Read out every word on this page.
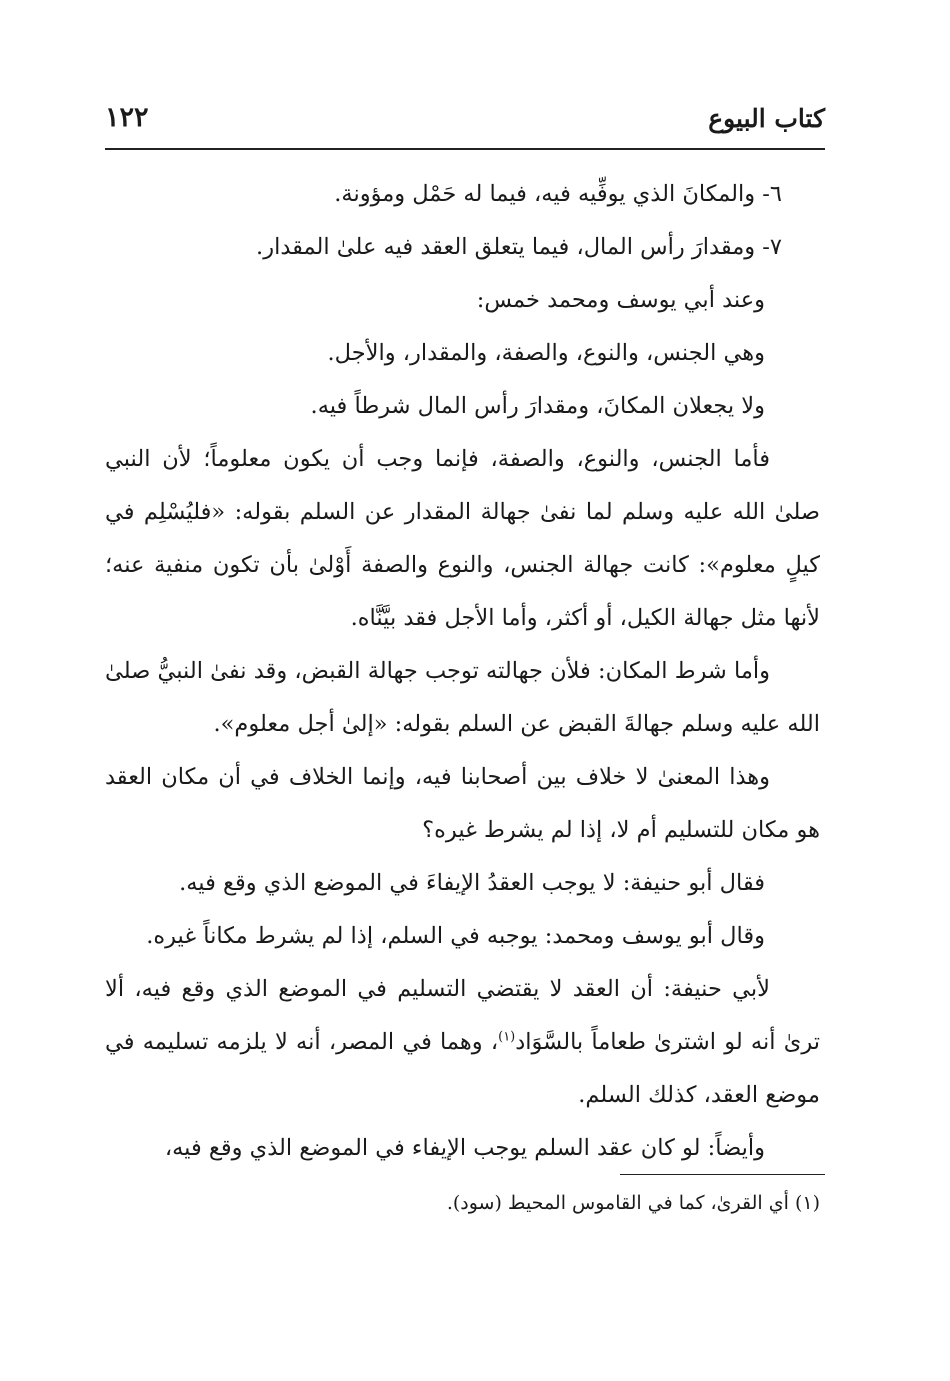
كتاب البيوع
١٢٢
٦- والمكانَ الذي يوفِّيه فيه، فيما له حَمْل ومؤونة.
٧- ومقدارَ رأس المال، فيما يتعلق العقد فيه علىٰ المقدار.
وعند أبي يوسف ومحمد خمس:
وهي الجنس، والنوع، والصفة، والمقدار، والأجل.
ولا يجعلان المكانَ، ومقدارَ رأس المال شرطاً فيه.
فأما الجنس، والنوع، والصفة، فإنما وجب أن يكون معلوماً؛ لأن النبي صلىٰ الله عليه وسلم لما نفىٰ جهالة المقدار عن السلم بقوله: «فليُسْلِم في كيلٍ معلوم»: كانت جهالة الجنس، والنوع والصفة أَوْلىٰ بأن تكون منفية عنه؛ لأنها مثل جهالة الكيل، أو أكثر، وأما الأجل فقد بيَّنَّاه.
وأما شرط المكان: فلأن جهالته توجب جهالة القبض، وقد نفىٰ النبيُّ صلىٰ الله عليه وسلم جهالةَ القبض عن السلم بقوله: «إلىٰ أجل معلوم».
وهذا المعنىٰ لا خلاف بين أصحابنا فيه، وإنما الخلاف في أن مكان العقد هو مكان للتسليم أم لا، إذا لم يشرط غيره؟
فقال أبو حنيفة: لا يوجب العقدُ الإيفاءَ في الموضع الذي وقع فيه.
وقال أبو يوسف ومحمد: يوجبه في السلم، إذا لم يشرط مكاناً غيره.
لأبي حنيفة: أن العقد لا يقتضي التسليم في الموضع الذي وقع فيه، ألا ترىٰ أنه لو اشترىٰ طعاماً بالسَّوَاد$^{(١)}$، وهما في المصر، أنه لا يلزمه تسليمه في موضع العقد، كذلك السلم.
وأيضاً: لو كان عقد السلم يوجب الإيفاء في الموضع الذي وقع فيه،
(١) أي القرىٰ، كما في القاموس المحيط (سود).
